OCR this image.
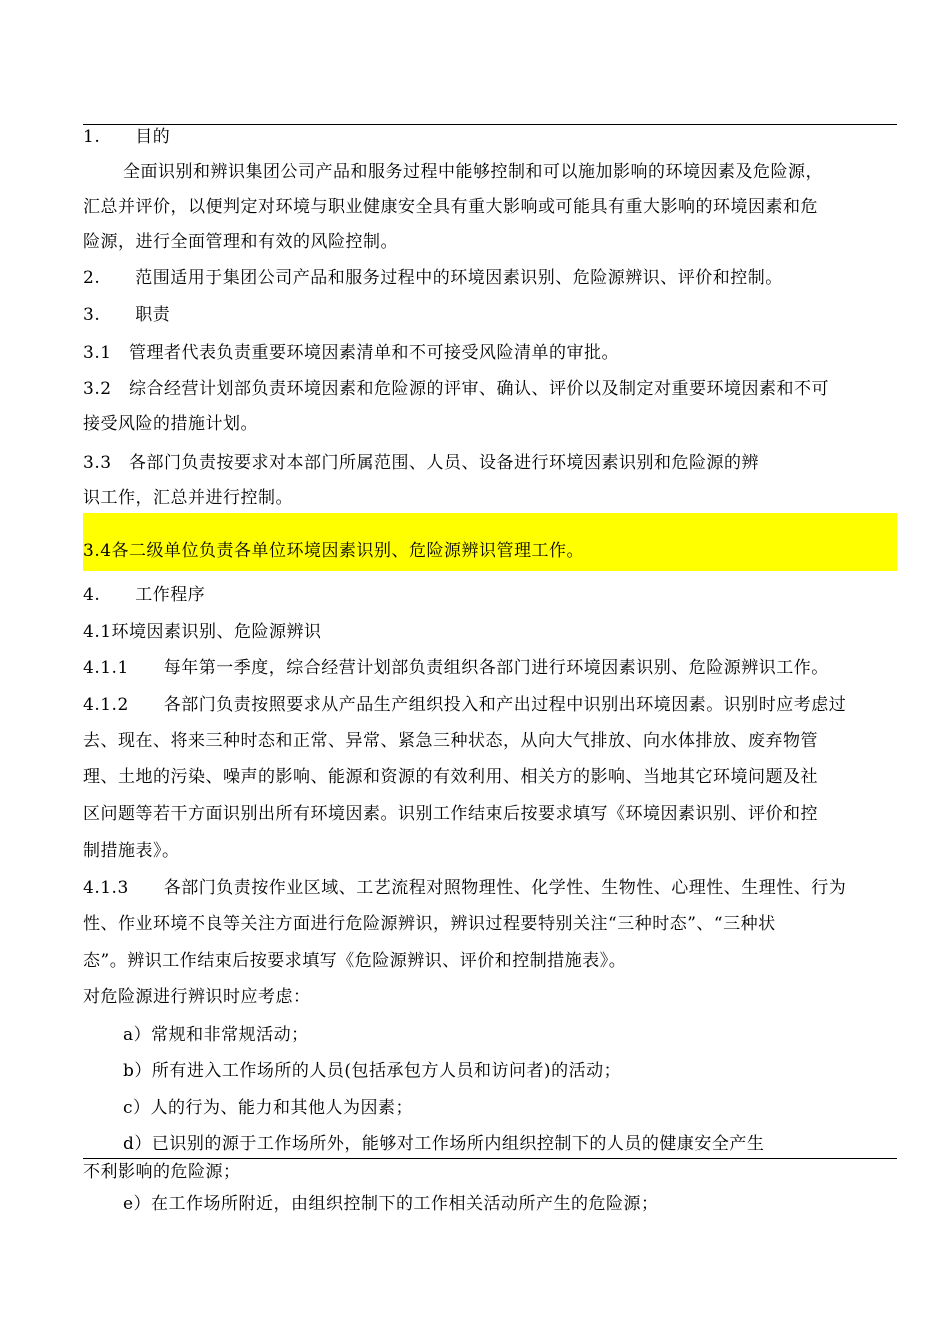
1.　　目的
全面识别和辨识集团公司产品和服务过程中能够控制和可以施加影响的环境因素及危险源，
汇总并评价，以便判定对环境与职业健康安全具有重大影响或可能具有重大影响的环境因素和危
险源，进行全面管理和有效的风险控制。
2.　　范围适用于集团公司产品和服务过程中的环境因素识别、危险源辨识、评价和控制。
3.　　职责
3.1　管理者代表负责重要环境因素清单和不可接受风险清单的审批。
3.2　综合经营计划部负责环境因素和危险源的评审、确认、评价以及制定对重要环境因素和不可
接受风险的措施计划。
3.3　各部门负责按要求对本部门所属范围、人员、设备进行环境因素识别和危险源的辨
识工作，汇总并进行控制。
3.4各二级单位负责各单位环境因素识别、危险源辨识管理工作。
4.　　工作程序
4.1环境因素识别、危险源辨识
4.1.1　　每年第一季度，综合经营计划部负责组织各部门进行环境因素识别、危险源辨识工作。
4.1.2　　各部门负责按照要求从产品生产组织投入和产出过程中识别出环境因素。识别时应考虑过
去、现在、将来三种时态和正常、异常、紧急三种状态，从向大气排放、向水体排放、废弃物管
理、土地的污染、噪声的影响、能源和资源的有效利用、相关方的影响、当地其它环境问题及社
区问题等若干方面识别出所有环境因素。识别工作结束后按要求填写《环境因素识别、评价和控
制措施表》。
4.1.3　　各部门负责按作业区域、工艺流程对照物理性、化学性、生物性、心理性、生理性、行为
性、作业环境不良等关注方面进行危险源辨识，辨识过程要特别关注“三种时态”、“三种状
态”。辨识工作结束后按要求填写《危险源辨识、评价和控制措施表》。
对危险源进行辨识时应考虑：
a）常规和非常规活动；
b）所有进入工作场所的人员(包括承包方人员和访问者)的活动；
c）人的行为、能力和其他人为因素；
d）已识别的源于工作场所外，能够对工作场所内组织控制下的人员的健康安全产生
不利影响的危险源；
e）在工作场所附近，由组织控制下的工作相关活动所产生的危险源；
